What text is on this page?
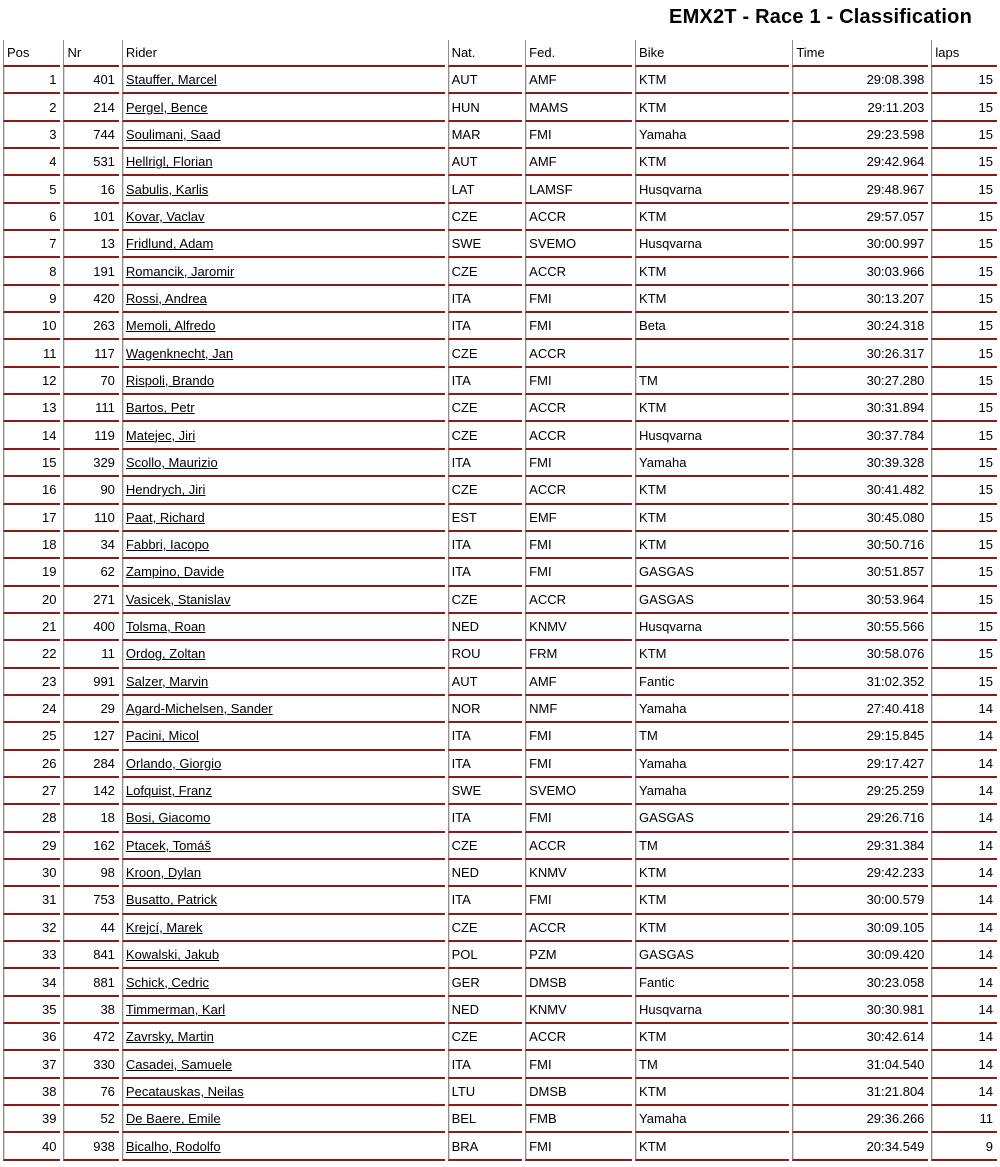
EMX2T - Race 1 - Classification
Pos	Nr	Rider	Nat.	Fed.	Bike	Time	laps
1	401	Stauffer, Marcel	AUT	AMF	KTM	29:08.398	15
2	214	Pergel, Bence	HUN	MAMS	KTM	29:11.203	15
3	744	Soulimani, Saad	MAR	FMI	Yamaha	29:23.598	15
4	531	Hellrigl, Florian	AUT	AMF	KTM	29:42.964	15
5	16	Sabulis, Karlis	LAT	LAMSF	Husqvarna	29:48.967	15
6	101	Kovar, Vaclav	CZE	ACCR	KTM	29:57.057	15
7	13	Fridlund, Adam	SWE	SVEMO	Husqvarna	30:00.997	15
8	191	Romancik, Jaromir	CZE	ACCR	KTM	30:03.966	15
9	420	Rossi, Andrea	ITA	FMI	KTM	30:13.207	15
10	263	Memoli, Alfredo	ITA	FMI	Beta	30:24.318	15
11	117	Wagenknecht, Jan	CZE	ACCR		30:26.317	15
12	70	Rispoli, Brando	ITA	FMI	TM	30:27.280	15
13	111	Bartos, Petr	CZE	ACCR	KTM	30:31.894	15
14	119	Matejec, Jiri	CZE	ACCR	Husqvarna	30:37.784	15
15	329	Scollo, Maurizio	ITA	FMI	Yamaha	30:39.328	15
16	90	Hendrych, Jiri	CZE	ACCR	KTM	30:41.482	15
17	110	Paat, Richard	EST	EMF	KTM	30:45.080	15
18	34	Fabbri, Iacopo	ITA	FMI	KTM	30:50.716	15
19	62	Zampino, Davide	ITA	FMI	GASGAS	30:51.857	15
20	271	Vasicek, Stanislav	CZE	ACCR	GASGAS	30:53.964	15
21	400	Tolsma, Roan	NED	KNMV	Husqvarna	30:55.566	15
22	11	Ordog, Zoltan	ROU	FRM	KTM	30:58.076	15
23	991	Salzer, Marvin	AUT	AMF	Fantic	31:02.352	15
24	29	Agard-Michelsen, Sander	NOR	NMF	Yamaha	27:40.418	14
25	127	Pacini, Micol	ITA	FMI	TM	29:15.845	14
26	284	Orlando, Giorgio	ITA	FMI	Yamaha	29:17.427	14
27	142	Lofquist, Franz	SWE	SVEMO	Yamaha	29:25.259	14
28	18	Bosi, Giacomo	ITA	FMI	GASGAS	29:26.716	14
29	162	Ptacek, Tomáš	CZE	ACCR	TM	29:31.384	14
30	98	Kroon, Dylan	NED	KNMV	KTM	29:42.233	14
31	753	Busatto, Patrick	ITA	FMI	KTM	30:00.579	14
32	44	Krejcí, Marek	CZE	ACCR	KTM	30:09.105	14
33	841	Kowalski, Jakub	POL	PZM	GASGAS	30:09.420	14
34	881	Schick, Cedric	GER	DMSB	Fantic	30:23.058	14
35	38	Timmerman, Karl	NED	KNMV	Husqvarna	30:30.981	14
36	472	Zavrsky, Martin	CZE	ACCR	KTM	30:42.614	14
37	330	Casadei, Samuele	ITA	FMI	TM	31:04.540	14
38	76	Pecatauskas, Neilas	LTU	DMSB	KTM	31:21.804	14
39	52	De Baere, Emile	BEL	FMB	Yamaha	29:36.266	11
40	938	Bicalho, Rodolfo	BRA	FMI	KTM	20:34.549	9
